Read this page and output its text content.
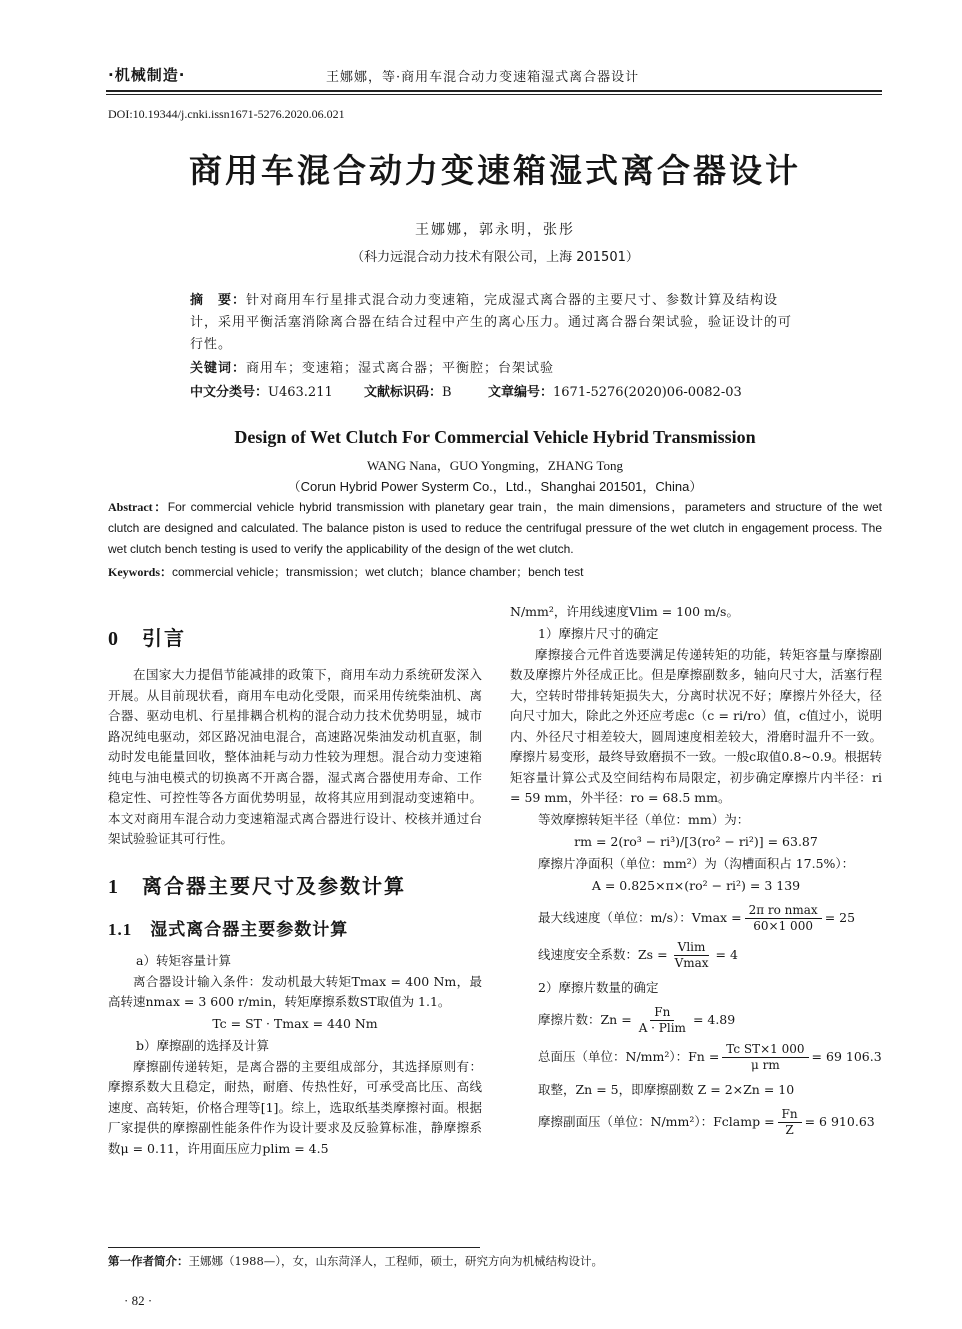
·机械制造·	王娜娜，等·商用车混合动力变速箱湿式离合器设计
DOI:10.19344/j.cnki.issn1671-5276.2020.06.021
商用车混合动力变速箱湿式离合器设计
王娜娜，郭永明，张彤
（科力远混合动力技术有限公司，上海 201501）
摘　要：针对商用车行星排式混合动力变速箱，完成湿式离合器的主要尺寸、参数计算及结构设计，采用平衡活塞消除离合器在结合过程中产生的离心压力。通过离合器台架试验，验证设计的可行性。
关键词：商用车；变速箱；湿式离合器；平衡腔；台架试验
中文分类号：U463.211 文献标识码：B	文章编号：1671-5276(2020)06-0082-03
Design of Wet Clutch For Commercial Vehicle Hybrid Transmission
WANG Nana，GUO Yongming，ZHANG Tong
（Corun Hybrid Power Systerm Co.，Ltd.，Shanghai 201501，China）
Abstract：For commercial vehicle hybrid transmission with planetary gear train，the main dimensions，parameters and structure of the wet clutch are designed and calculated. The balance piston is used to reduce the centrifugal pressure of the wet clutch in engagement process. The wet clutch bench testing is used to verify the applicability of the design of the wet clutch.
Keywords：commercial vehicle；transmission；wet clutch；blance chamber；bench test
0 引言

在国家大力提倡节能减排的政策下，商用车动力系统研发深入开展。从目前现状看，商用车电动化受限，而采用传统柴油机、离合器、驱动电机、行星排耦合机构的混合动力技术优势明显，城市路况纯电驱动，郊区路况油电混合，高速路况柴油发动机直驱，制动时发电能量回收，整体油耗与动力性较为理想。混合动力变速箱纯电与油电模式的切换离不开离合器，湿式离合器使用寿命、工作稳定性、可控性等各方面优势明显，故将其应用到混动变速箱中。本文对商用车混合动力变速箱湿式离合器进行设计、校核并通过台架试验验证其可行性。

1 离合器主要尺寸及参数计算
1.1 湿式离合器主要参数计算
a）转矩容量计算

离合器设计输入条件：发动机最大转矩Tmax = 400 Nm，最高转速nmax = 3 600 r/min，转矩摩擦系数ST取值为 1.1。

Tc = ST · Tmax = 440 Nm
b）摩擦副的选择及计算

摩擦副传递转矩，是离合器的主要组成部分，其选择原则有：摩擦系数大且稳定，耐热，耐磨、传热性好，可承受高比压、高线速度、高转矩，价格合理等[1]。综上，选取纸基类摩擦衬面。根据厂家提供的摩擦副性能条件作为设计要求及反验算标准，静摩擦系数μ = 0.11，许用面压应力plim = 4.5

N/mm²，许用线速度Vlim = 100 m/s。

1）摩擦片尺寸的确定

摩擦接合元件首选要满足传递转矩的功能，转矩容量与摩擦副数及摩擦片外径成正比。但是摩擦副数多，轴向尺寸大，活塞行程大，空转时带排转矩损失大，分离时状况不好；摩擦片外径大，径向尺寸加大，除此之外还应考虑c（c = ri/ro）值，c值过小，说明内、外径尺寸相差较大，圆周速度相差较大，滑磨时温升不一致。摩擦片易变形，最终导致磨损不一致。一般c取值0.8~0.9。根据转矩容量计算公式及空间结构布局限定，初步确定摩擦片内半径：ri = 59 mm，外半径：ro = 68.5 mm。

等效摩擦转矩半径（单位：mm）为：
rm = 2(ro³ − ri³)/[3(ro² − ri²)] = 63.87
摩擦片净面积（单位：mm²）为（沟槽面积占 17.5%）：
A = 0.825×π×(ro² − ri²) = 3 139
最大线速度（单位：m/s）：$Vmax = \frac{\text{2π ro nmax}}{60\times 1 000} = 25$
线速度安全系数：$Zs = \frac{Vlim}{Vmax} = 4$
2）摩擦片数量的确定
摩擦片数：$Zn = \frac{Fn}{A \cdot Plim} = 4.89$
总面压（单位：N/mm²）：$Fn = \frac{\text{Tc ST×1 000}}{\text{μ rm}} = 69$ 106.3
取整，Zn = 5，即摩擦副数 Z = 2×Zn = 10
摩擦副面压（单位：N/mm²）：Fclamp = $\frac{Fn}{Z} = 6$ 910.63
第一作者简介：王娜娜（1988—），女，山东菏泽人，工程师，硕士，研究方向为机械结构设计。
· 82 ·
